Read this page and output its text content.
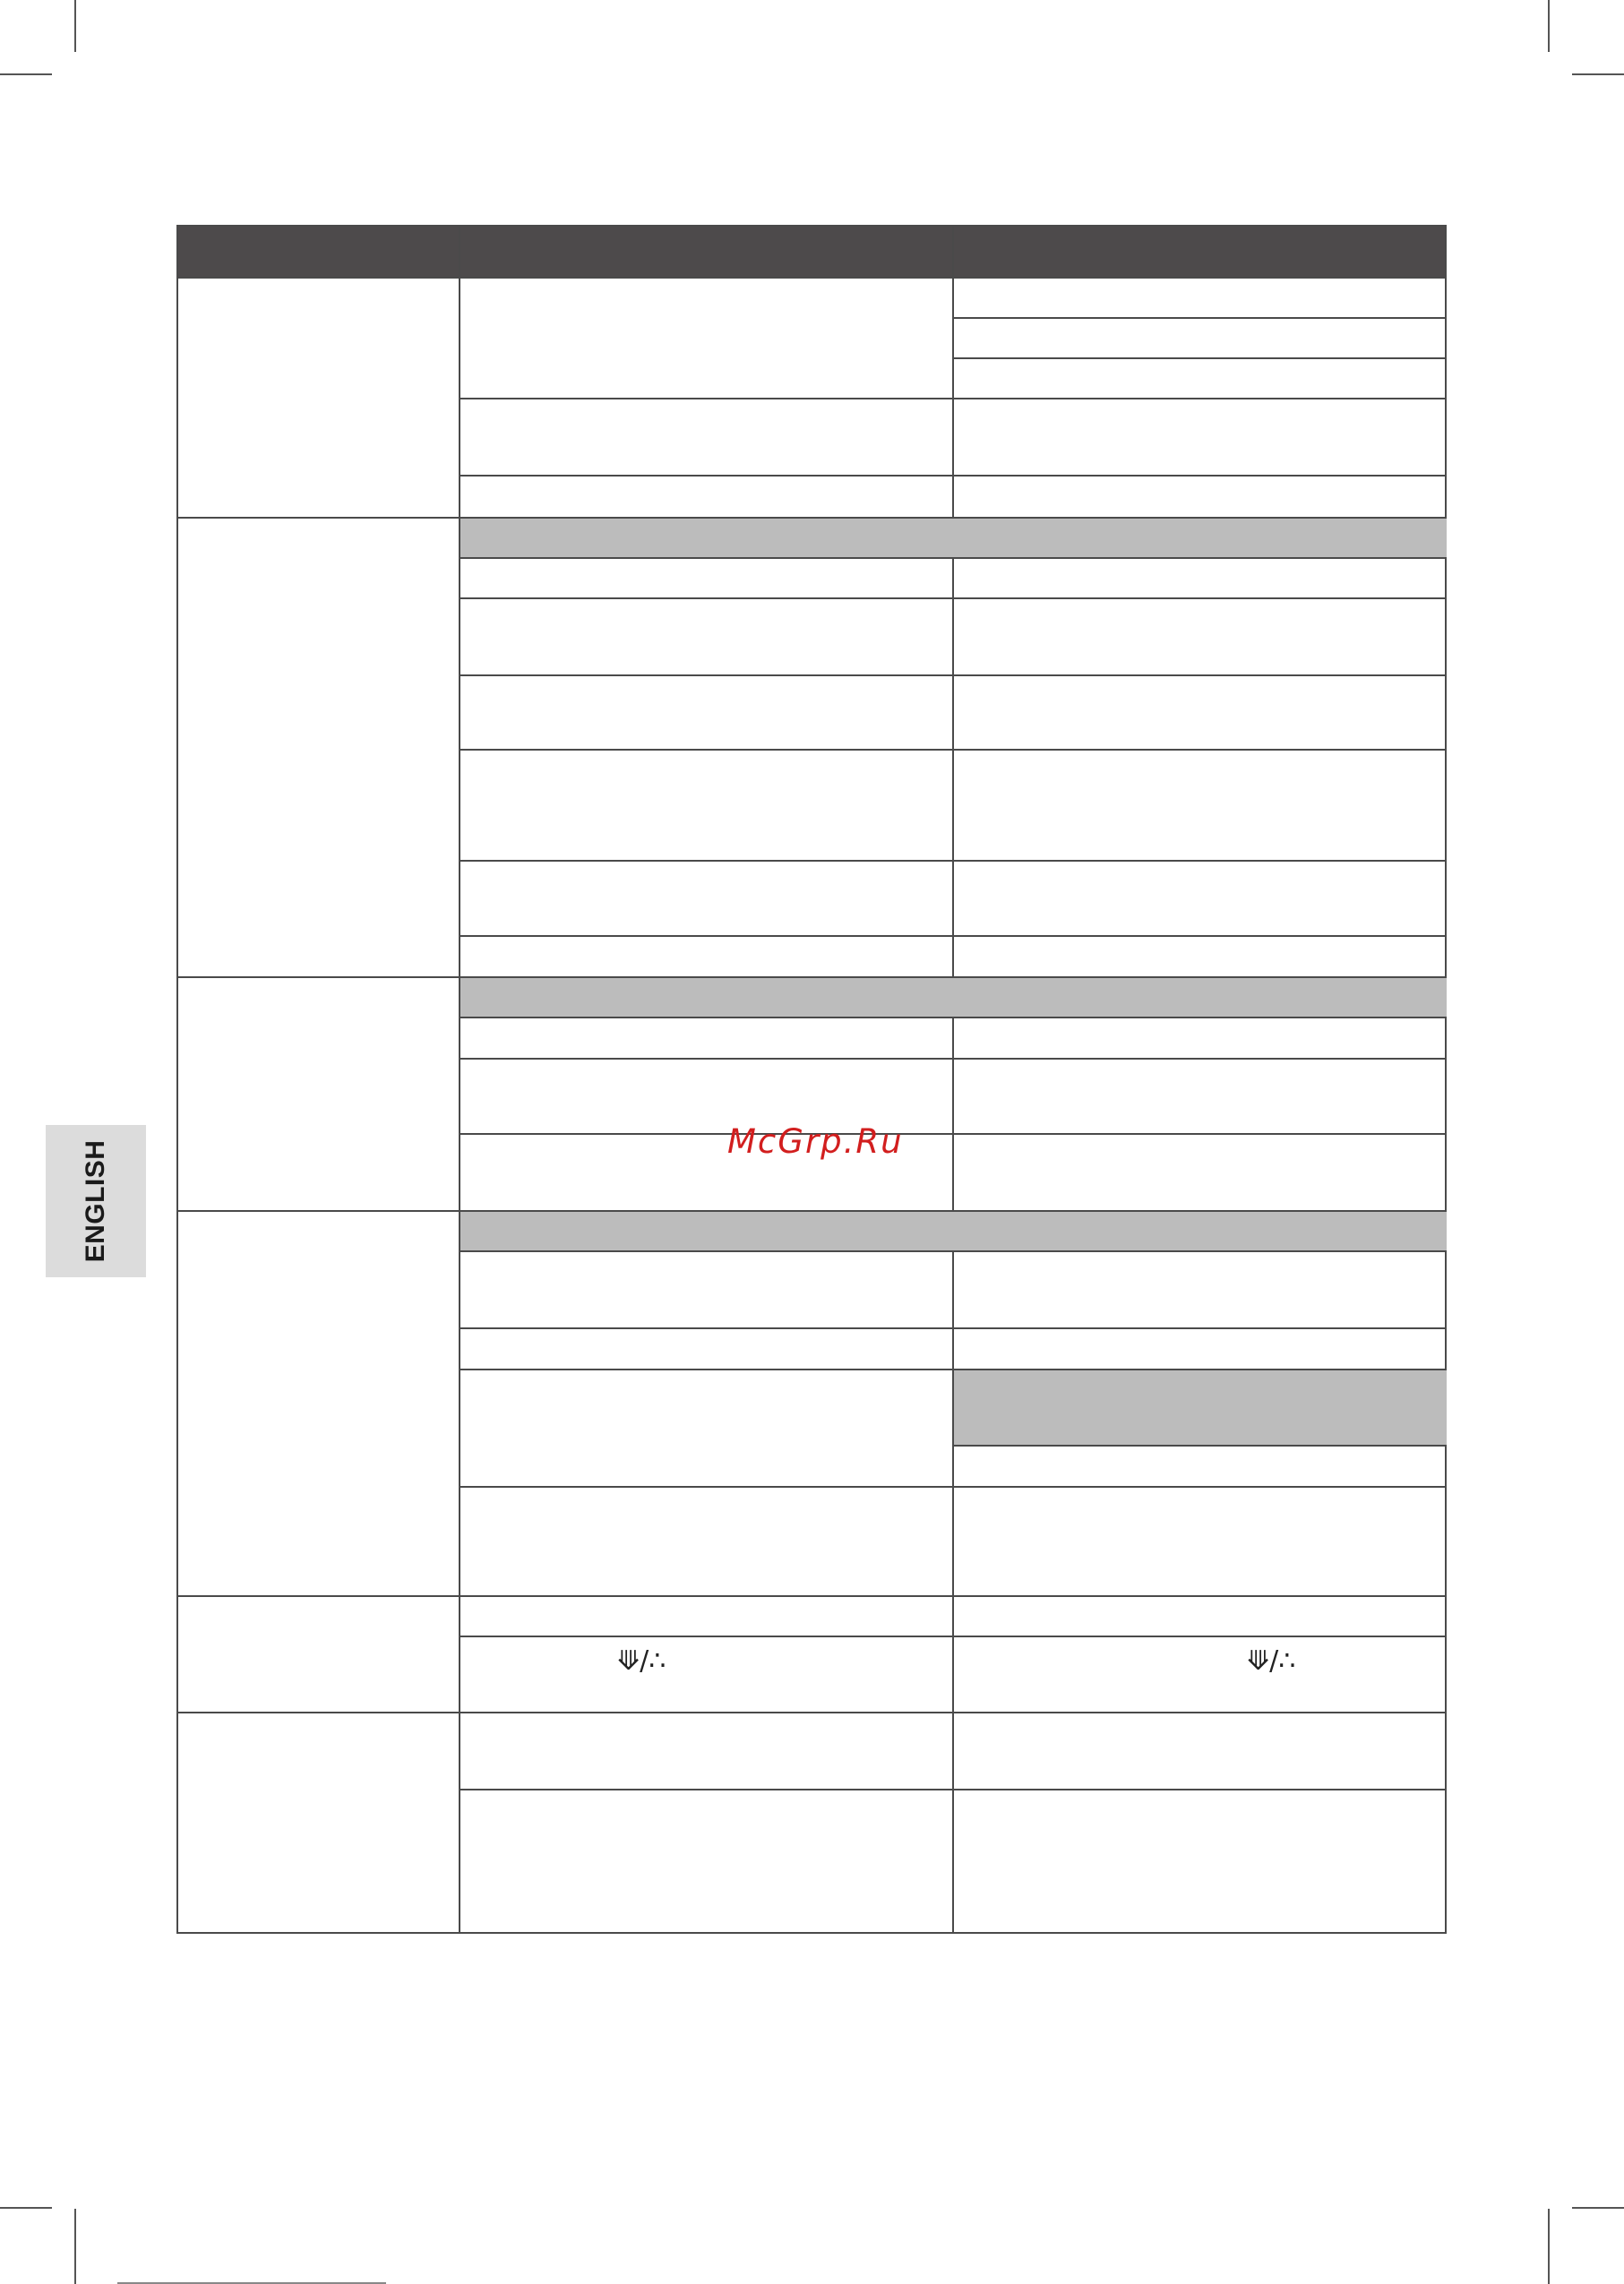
ENGLISH
⟱/∴	⟱/∴
McGrp.Ru
